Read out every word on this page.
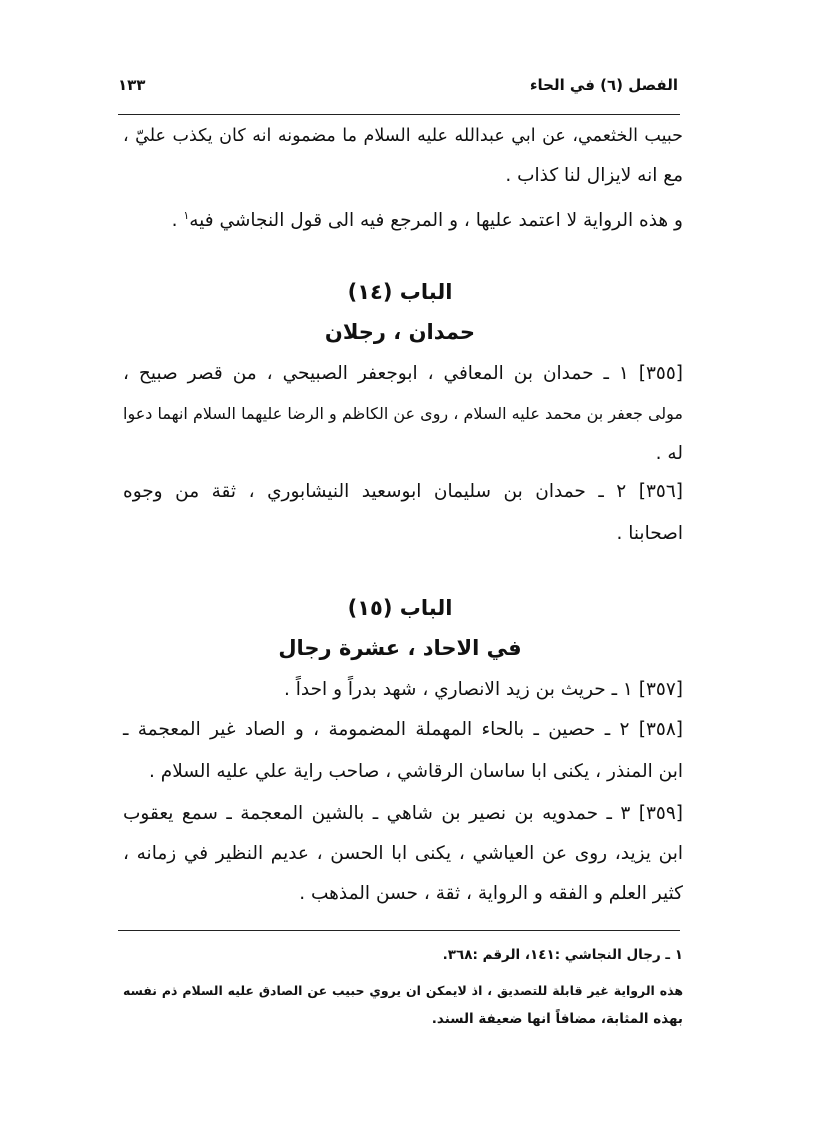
الفصل (٦) في الحاء
١٣٣
حبيب الخثعمي، عن ابي عبدالله عليه السلام ما مضمونه انه كان يكذب عليّ ،
مع انه لايزال لنا كذاب .
و هذه الرواية لا اعتمد عليها ، و المرجع فيه الى قول النجاشي فيه$^١$ .
الباب (١٤)
حمدان ، رجلان
[٣٥٥] ١ ـ حمدان بن المعافي ، ابوجعفر الصبيحي ، من قصر صبيح ،
مولى جعفر بن محمد عليه السلام ، روى عن الكاظم و الرضا عليهما السلام انهما دعوا
له .
[٣٥٦] ٢ ـ حمدان بن سليمان ابوسعيد النيشابوري ، ثقة من وجوه
اصحابنا .
الباب (١٥)
في الاحاد ، عشرة رجال
[٣٥٧] ١ ـ حريث بن زيد الانصاري ، شهد بدراً و احداً .
[٣٥٨] ٢ ـ حصين ـ بالحاء المهملة المضمومة ، و الصاد غير المعجمة ـ
ابن المنذر ، يكنى ابا ساسان الرقاشي ، صاحب راية علي عليه السلام .
[٣٥٩] ٣ ـ حمدويه بن نصير بن شاهي ـ بالشين المعجمة ـ سمع يعقوب
ابن يزيد، روى عن العياشي ، يكنى ابا الحسن ، عديم النظير في زمانه ،
كثير العلم و الفقه و الرواية ، ثقة ، حسن المذهب .
١ ـ رجال النجاشي :١٤١، الرقم :٣٦٨.
هذه الرواية غير قابلة للتصديق ، اذ لايمكن ان يروي حبيب عن الصادق عليه السلام ذم نفسه
بهذه المثابة، مضافاً انها ضعيفة السند.
